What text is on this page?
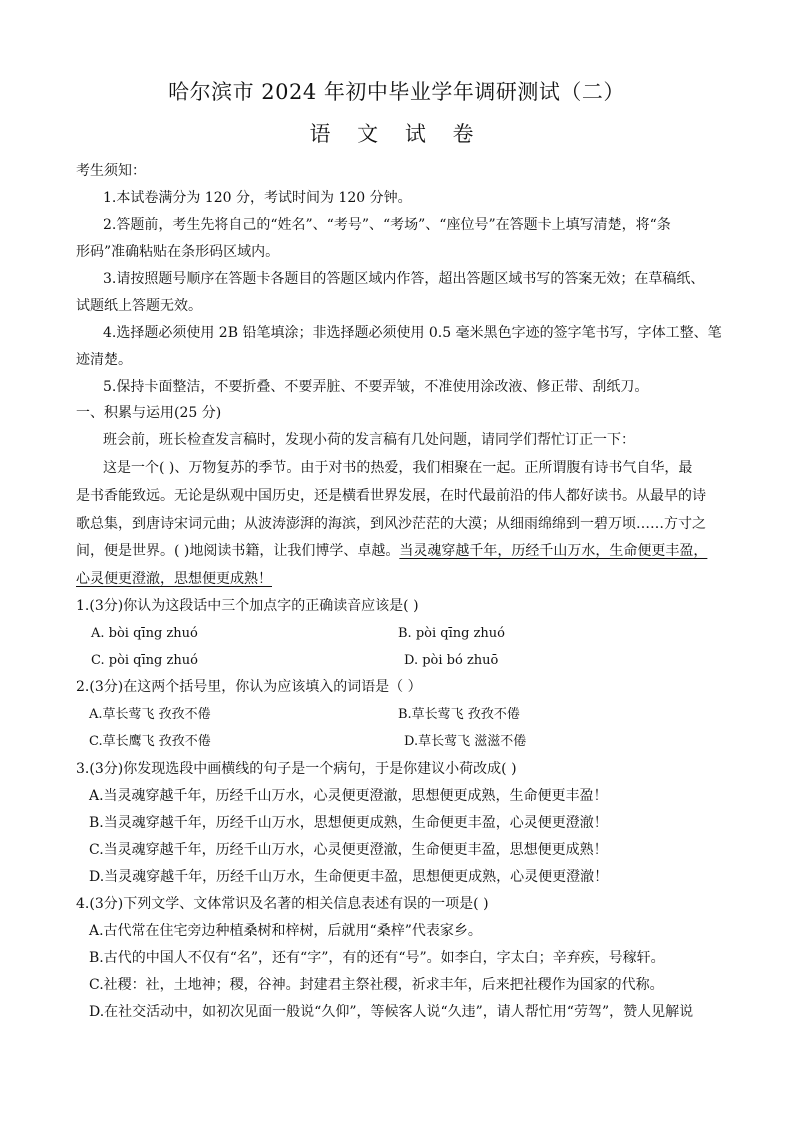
哈尔滨市 2024 年初中毕业学年调研测试（二）
语 文 试 卷
考生须知：
1.本试卷满分为 120 分，考试时间为 120 分钟。
2.答题前，考生先将自己的“姓名”、“考号”、“考场”、“座位号”在答题卡上填写清楚，将“条
形码”准确粘贴在条形码区域内。
3.请按照题号顺序在答题卡各题目的答题区域内作答，超出答题区域书写的答案无效；在草稿纸、
试题纸上答题无效。
4.选择题必须使用 2B 铅笔填涂；非选择题必须使用 0.5 毫米黑色字迹的签字笔书写，字体工整、笔
迹清楚。
5.保持卡面整洁，不要折叠、不要弄脏、不要弄皱，不准使用涂改液、修正带、刮纸刀。
一、积累与运用(25 分)
班会前，班长检查发言稿时，发现小荷的发言稿有几处问题，请同学们帮忙订正一下：
这是一个( )、万物复苏的季节。由于对书的热爱，我们相聚在一起。正所谓腹有诗书气自华，最
是书香能致远。无论是纵观中国历史，还是横看世界发展，在时代最前沿的伟人都好读书。从最早的诗
歌总集，到唐诗宋词元曲；从波涛澎湃的海滨，到风沙茫茫的大漠；从细雨绵绵到一碧万顷……方寸之
间，便是世界。( )地阅读书籍，让我们博学、卓越。当灵魂穿越千年，历经千山万水，生命便更丰盈，
心灵便更澄澈，思想便更成熟！
1.(3分)你认为这段话中三个加点字的正确读音应该是( )
A. bòi qīng zhuó	B. pòi qīng zhuó
C. pòi qīng zhuó	D. pòi bó zhuō
2.(3分)在这两个括号里，你认为应该填入的词语是（ ）
A.草长莺飞 孜孜不倦	B.草长莺飞 孜孜不倦
C.草长鹰飞 孜孜不倦	D.草长莺飞 滋滋不倦
3.(3分)你发现选段中画横线的句子是一个病句，于是你建议小荷改成( )
A.当灵魂穿越千年，历经千山万水，心灵便更澄澈，思想便更成熟，生命便更丰盈！
B.当灵魂穿越千年，历经千山万水，思想便更成熟，生命便更丰盈，心灵便更澄澈！
C.当灵魂穿越千年，历经千山万水，心灵便更澄澈，生命便更丰盈，思想便更成熟！
D.当灵魂穿越千年，历经千山万水，生命便更丰盈，思想便更成熟，心灵便更澄澈！
4.(3分)下列文学、文体常识及名著的相关信息表述有误的一项是( )
A.古代常在住宅旁边种植桑树和梓树，后就用“桑梓”代表家乡。
B.古代的中国人不仅有“名”，还有“字”，有的还有“号”。如李白，字太白；辛弃疾，号稼轩。
C.社稷：社，土地神；稷，谷神。封建君主祭社稷，祈求丰年，后来把社稷作为国家的代称。
D.在社交活动中，如初次见面一般说“久仰”，等候客人说“久违”，请人帮忙用“劳驾”，赞人见解说
